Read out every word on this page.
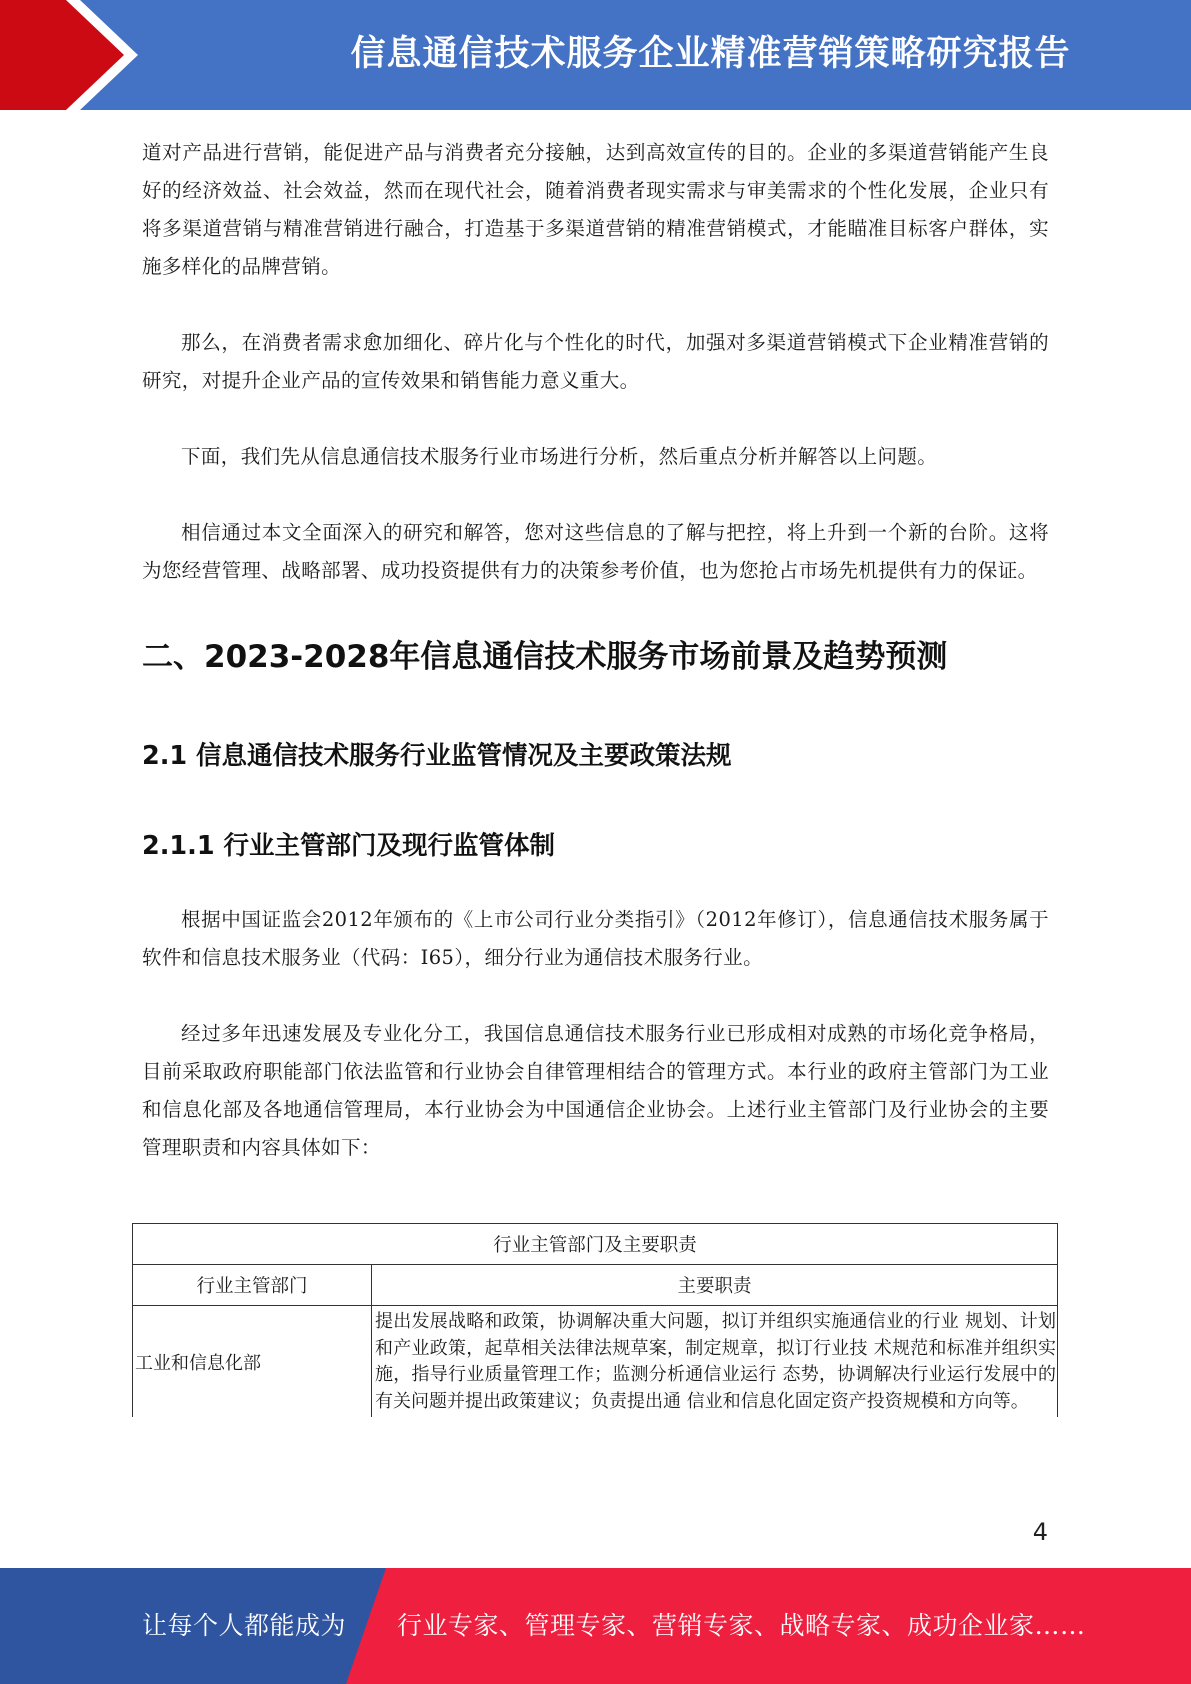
信息通信技术服务企业精准营销策略研究报告

道对产品进行营销，能促进产品与消费者充分接触，达到高效宣传的目的。企业的多渠道营销能产生良好的经济效益、社会效益，然而在现代社会，随着消费者现实需求与审美需求的个性化发展，企业只有将多渠道营销与精准营销进行融合，打造基于多渠道营销的精准营销模式，才能瞄准目标客户群体，实施多样化的品牌营销。

那么，在消费者需求愈加细化、碎片化与个性化的时代，加强对多渠道营销模式下企业精准营销的研究，对提升企业产品的宣传效果和销售能力意义重大。

下面，我们先从信息通信技术服务行业市场进行分析，然后重点分析并解答以上问题。

相信通过本文全面深入的研究和解答，您对这些信息的了解与把控，将上升到一个新的台阶。这将为您经营管理、战略部署、成功投资提供有力的决策参考价值，也为您抢占市场先机提供有力的保证。

二、2023-2028年信息通信技术服务市场前景及趋势预测
2.1 信息通信技术服务行业监管情况及主要政策法规
2.1.1 行业主管部门及现行监管体制

根据中国证监会2012年颁布的《上市公司行业分类指引》（2012年修订），信息通信技术服务属于软件和信息技术服务业（代码：I65），细分行业为通信技术服务行业。

经过多年迅速发展及专业化分工，我国信息通信技术服务行业已形成相对成熟的市场化竞争格局，目前采取政府职能部门依法监管和行业协会自律管理相结合的管理方式。本行业的政府主管部门为工业和信息化部及各地通信管理局，本行业协会为中国通信企业协会。上述行业主管部门及行业协会的主要管理职责和内容具体如下：

行业主管部门及主要职责	
行业主管部门	主要职责
工业和信息化部	提出发展战略和政策，协调解决重大问题，拟订并组织实施通信业的行业 规划、计划和产业政策，起草相关法律法规草案，制定规章，拟订行业技 术规范和标准并组织实施，指导行业质量管理工作；监测分析通信业运行 态势，协调解决行业运行发展中的有关问题并提出政策建议；负责提出通 信业和信息化固定资产投资规模和方向等。
4
让每个人都能成为 行业专家、管理专家、营销专家、战略专家、成功企业家……
